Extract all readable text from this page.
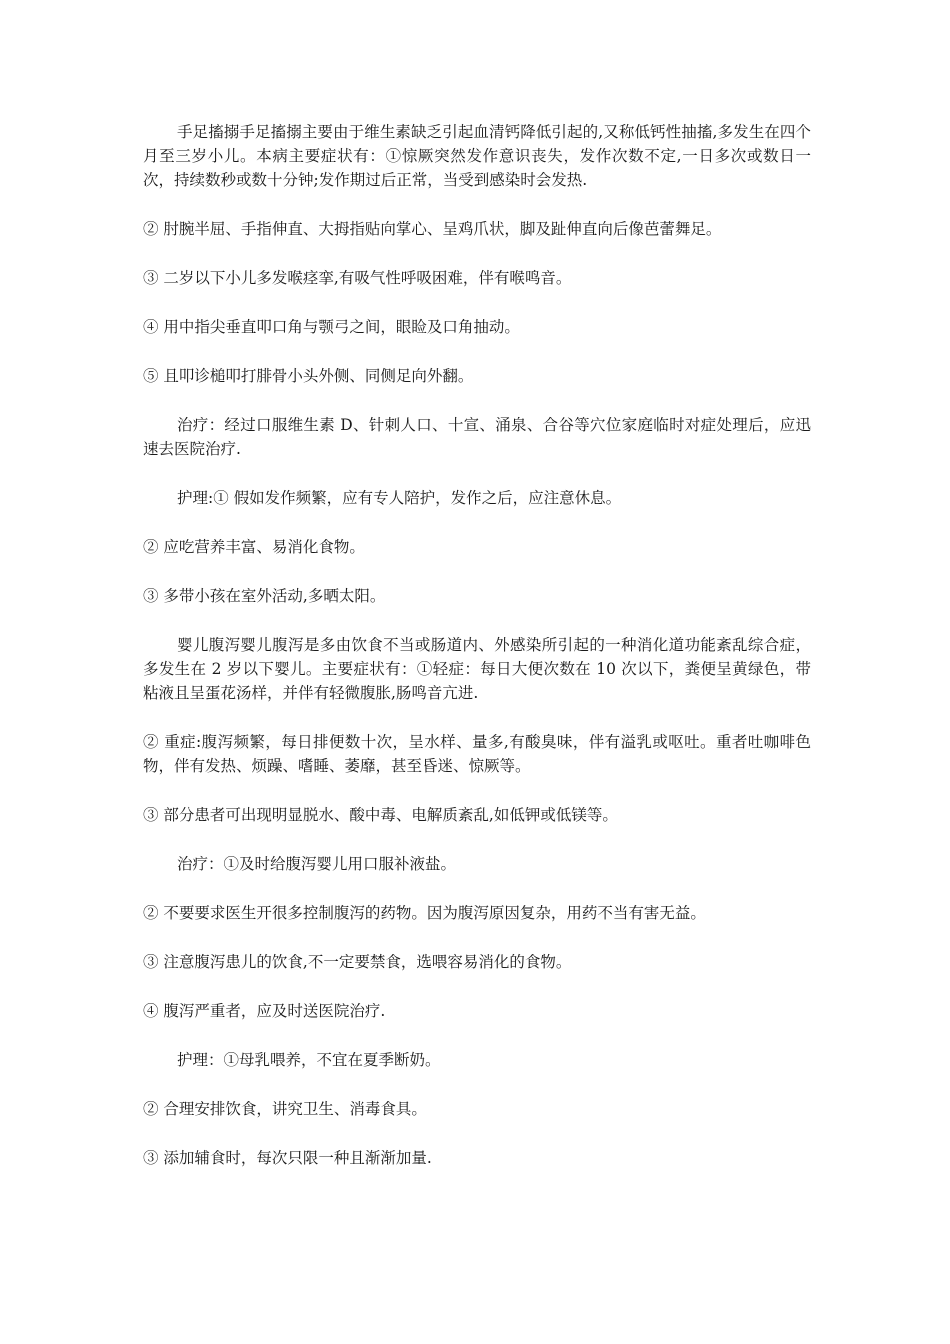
手足搐搦手足搐搦主要由于维生素缺乏引起血清钙降低引起的,又称低钙性抽搐,多发生在四个月至三岁小儿。本病主要症状有：①惊厥突然发作意识丧失，发作次数不定,一日多次或数日一次，持续数秒或数十分钟;发作期过后正常，当受到感染时会发热.

② 肘腕半屈、手指伸直、大拇指贴向掌心、呈鸡爪状，脚及趾伸直向后像芭蕾舞足。

③ 二岁以下小儿多发喉痉挛,有吸气性呼吸困难，伴有喉鸣音。

④ 用中指尖垂直叩口角与颚弓之间，眼睑及口角抽动。

⑤ 且叩诊槌叩打腓骨小头外侧、同侧足向外翻。

治疗：经过口服维生素 D、针刺人口、十宣、涌泉、合谷等穴位家庭临时对症处理后，应迅速去医院治疗.

护理:① 假如发作频繁，应有专人陪护，发作之后，应注意休息。

② 应吃营养丰富、易消化食物。

③ 多带小孩在室外活动,多晒太阳。

婴儿腹泻婴儿腹泻是多由饮食不当或肠道内、外感染所引起的一种消化道功能紊乱综合症，多发生在 2 岁以下婴儿。主要症状有：①轻症：每日大便次数在 10 次以下，粪便呈黄绿色，带粘液且呈蛋花汤样，并伴有轻微腹胀,肠鸣音亢进.

② 重症:腹泻频繁，每日排便数十次，呈水样、量多,有酸臭味，伴有溢乳或呕吐。重者吐咖啡色物，伴有发热、烦躁、嗜睡、萎靡，甚至昏迷、惊厥等。

③ 部分患者可出现明显脱水、酸中毒、电解质紊乱,如低钾或低镁等。

治疗：①及时给腹泻婴儿用口服补液盐。

② 不要要求医生开很多控制腹泻的药物。因为腹泻原因复杂，用药不当有害无益。

③ 注意腹泻患儿的饮食,不一定要禁食，选喂容易消化的食物。

④ 腹泻严重者，应及时送医院治疗.

护理：①母乳喂养，不宜在夏季断奶。

② 合理安排饮食，讲究卫生、消毒食具。

③ 添加辅食时，每次只限一种且渐渐加量.
